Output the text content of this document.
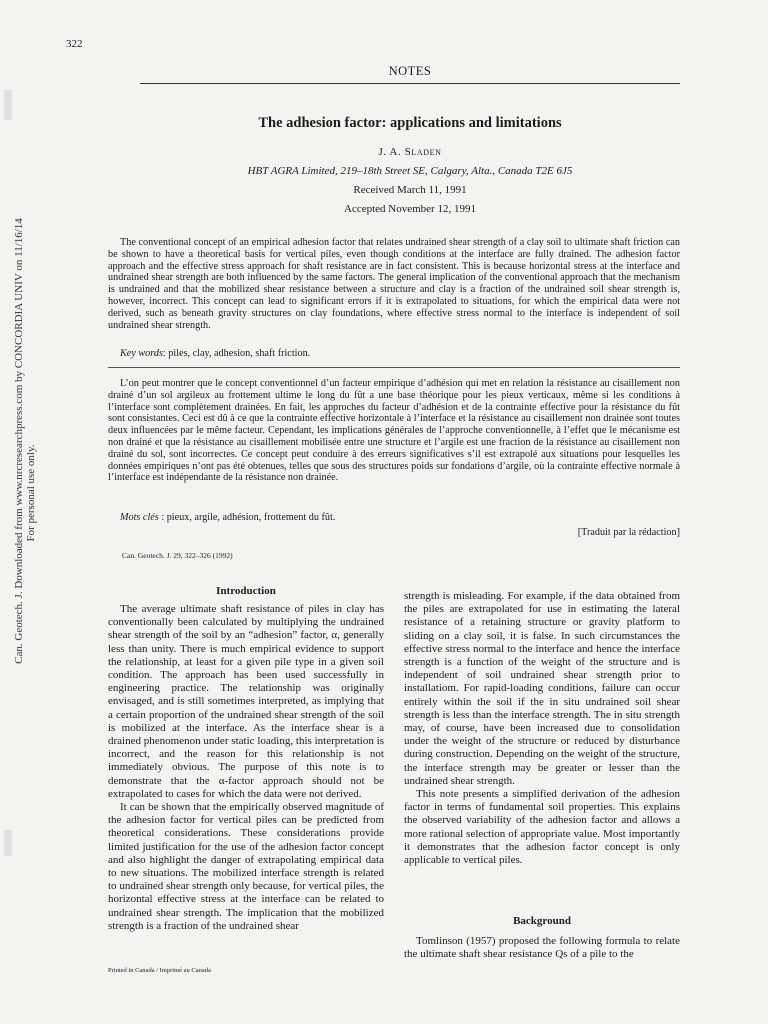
322
NOTES
The adhesion factor: applications and limitations
J. A. Sladen
HBT AGRA Limited, 219–18th Street SE, Calgary, Alta., Canada T2E 6J5
Received March 11, 1991
Accepted November 12, 1991

The conventional concept of an empirical adhesion factor that relates undrained shear strength of a clay soil to ultimate shaft friction can be shown to have a theoretical basis for vertical piles, even though conditions at the interface are fully drained. The adhesion factor approach and the effective stress approach for shaft resistance are in fact consistent. This is because horizontal stress at the interface and undrained shear strength are both influenced by the same factors. The general implication of the conventional approach that the mechanism is undrained and that the mobilized shear resistance between a structure and clay is a fraction of the undrained soil shear strength is, however, incorrect. This concept can lead to significant errors if it is extrapolated to situations, for which the empirical data were not derived, such as beneath gravity structures on clay foundations, where effective stress normal to the interface is independent of soil undrained shear strength.

Key words: piles, clay, adhesion, shaft friction.

L’on peut montrer que le concept conventionnel d’un facteur empirique d’adhésion qui met en relation la résistance au cisaillement non drainé d’un sol argileux au frottement ultime le long du fût a une base théorique pour les pieux verticaux, même si les conditions à l’interface sont complètement drainées. En fait, les approches du facteur d’adhésion et de la contrainte effective pour la résistance du fût sont consistantes. Ceci est dû à ce que la contrainte effective horizontale à l’interface et la résistance au cisaillement non drainée sont toutes deux influencées par le même facteur. Cependant, les implications générales de l’approche conventionnelle, à l’effet que le mécanisme est non drainé et que la résistance au cisaillement mobilisée entre une structure et l’argile est une fraction de la résistance au cisaillement non drainé du sol, sont incorrectes. Ce concept peut conduire à des erreurs significatives s’il est extrapolé aux situations pour lesquelles les données empiriques n’ont pas été obtenues, telles que sous des structures poids sur fondations d’argile, où la contrainte effective normale à l’interface est indépendante de la résistance non drainée.

Mots clés : pieux, argile, adhésion, frottement du fût.
[Traduit par la rédaction]
Can. Geotech. J. 29, 322–326 (1992)
Introduction

The average ultimate shaft resistance of piles in clay has conventionally been calculated by multiplying the undrained shear strength of the soil by an “adhesion” factor, α, generally less than unity. There is much empirical evidence to support the relationship, at least for a given pile type in a given soil condition. The approach has been used successfully in engineering practice. The relationship was originally envisaged, and is still sometimes interpreted, as implying that a certain proportion of the undrained shear strength of the soil is mobilized at the interface. As the interface shear is a drained phenomenon under static loading, this interpretation is incorrect, and the reason for this relationship is not immediately obvious. The purpose of this note is to demonstrate that the α-factor approach should not be extrapolated to cases for which the data were not derived.

It can be shown that the empirically observed magnitude of the adhesion factor for vertical piles can be predicted from theoretical considerations. These considerations provide limited justification for the use of the adhesion factor concept and also highlight the danger of extrapolating empirical data to new situations. The mobilized interface strength is related to undrained shear strength only because, for vertical piles, the horizontal effective stress at the interface can be related to undrained shear strength. The implication that the mobilized strength is a fraction of the undrained shear

strength is misleading. For example, if the data obtained from the piles are extrapolated for use in estimating the lateral resistance of a retaining structure or gravity platform to sliding on a clay soil, it is false. In such circumstances the effective stress normal to the interface and hence the interface strength is a function of the weight of the structure and is independent of soil undrained shear strength prior to installatiom. For rapid-loading conditions, failure can occur entirely within the soil if the in situ undrained soil shear strength is less than the interface strength. The in situ strength may, of course, have been increased due to consolidation under the weight of the structure or reduced by disturbance during construction. Depending on the weight of the structure, the interface strength may be greater or lesser than the undrained shear strength.

This note presents a simplified derivation of the adhesion factor in terms of fundamental soil properties. This explains the observed variability of the adhesion factor and allows a more rational selection of appropriate value. Most importantly it demonstrates that the adhesion factor concept is only applicable to vertical piles.

Background

Tomlinson (1957) proposed the following formula to relate the ultimate shaft shear resistance Qs of a pile to the

Printed in Canada / Imprimé au Canada
Can. Geotech. J. Downloaded from www.nrcresearchpress.com by CONCORDIA UNIV on 11/16/14 For personal use only.
